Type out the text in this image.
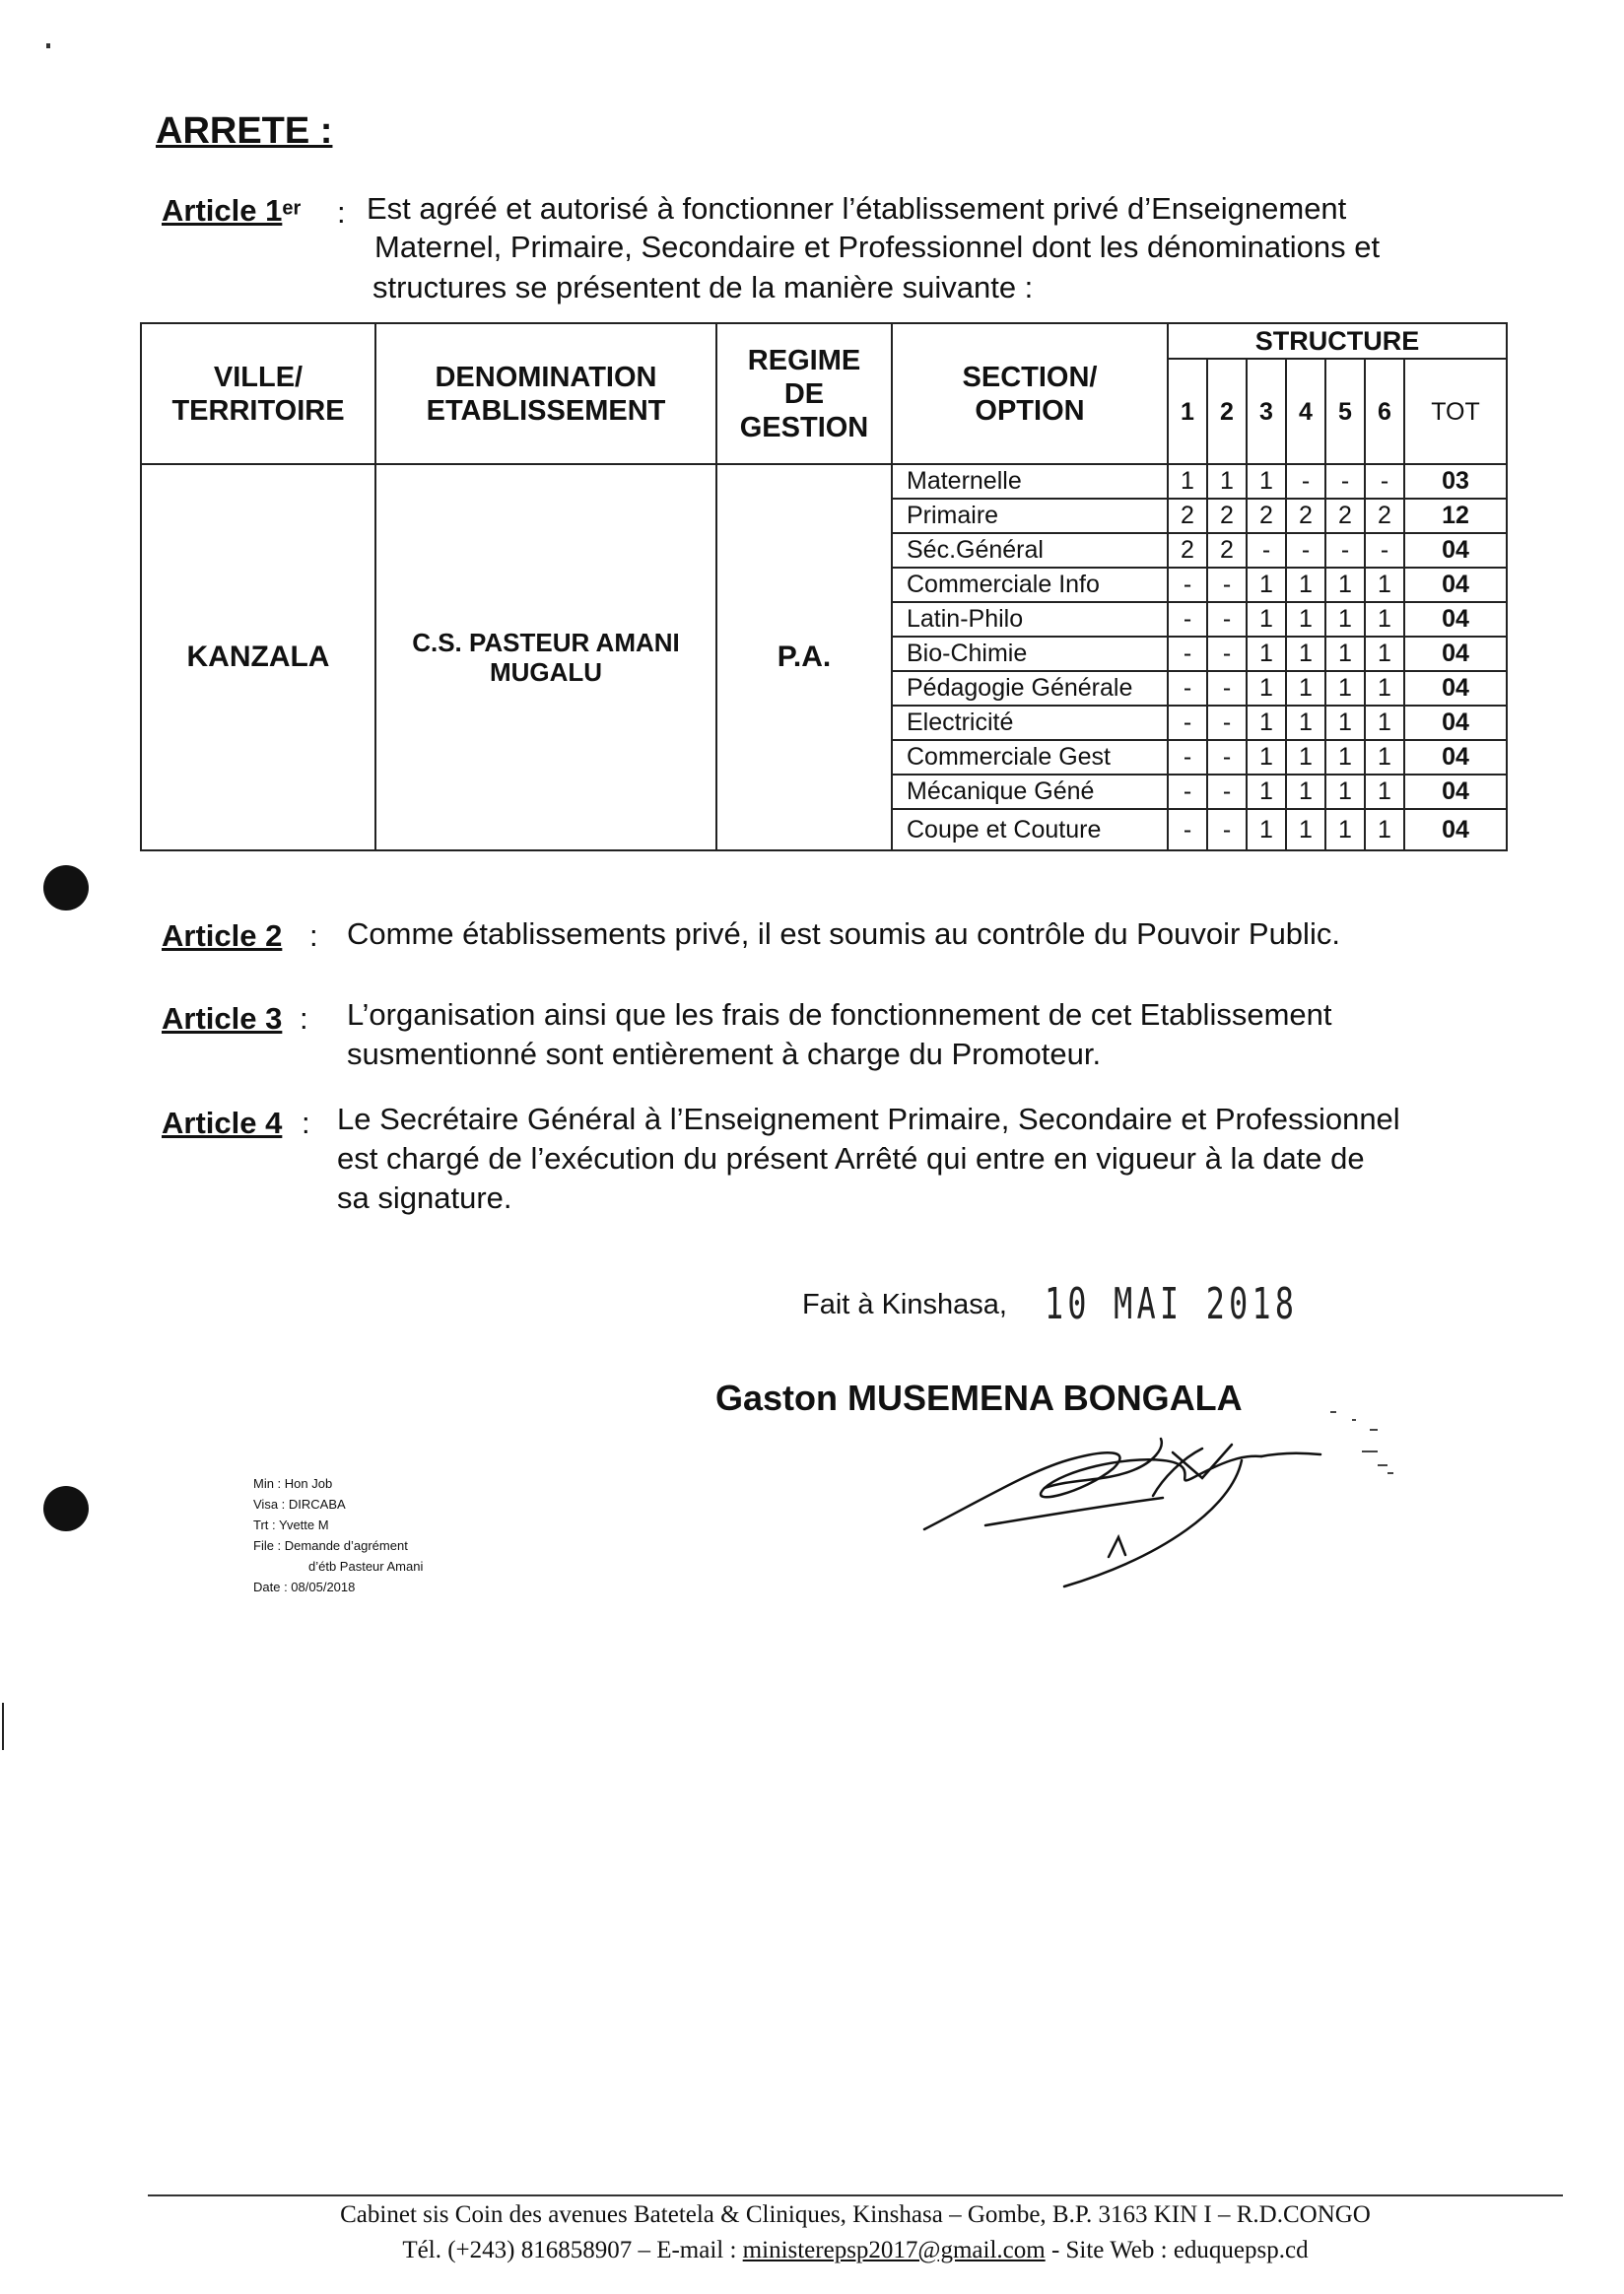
ARRETE :
Article 1er : Est agréé et autorisé à fonctionner l’établissement privé d’Enseignement
Maternel, Primaire, Secondaire et Professionnel dont les dénominations et
structures se présentent de la manière suivante :
VILLE/ TERRITOIRE	DENOMINATION ETABLISSEMENT	REGIME DE GESTION	SECTION/ OPTION	STRUCTURE						
				1	2	3	4	5	6	TOT
KANZALA	C.S. PASTEUR AMANI MUGALU	P.A.	Maternelle	1	1	1	-	-	-	03
			Primaire	2	2	2	2	2	2	12
			Séc.Général	2	2	-	-	-	-	04
			Commerciale Info	-	-	1	1	1	1	04
			Latin-Philo	-	-	1	1	1	1	04
			Bio-Chimie	-	-	1	1	1	1	04
			Pédagogie Générale	-	-	1	1	1	1	04
			Electricité	-	-	1	1	1	1	04
			Commerciale Gest	-	-	1	1	1	1	04
			Mécanique Géné	-	-	1	1	1	1	04
			Coupe et Couture	-	-	1	1	1	1	04
Article 2 : Comme établissements privé, il est soumis au contrôle du Pouvoir Public.
Article 3 : L’organisation ainsi que les frais de fonctionnement de cet Etablissement
susmentionné sont entièrement à charge du Promoteur.
Article 4 : Le Secrétaire Général à l’Enseignement Primaire, Secondaire et Professionnel
est chargé de l’exécution du présent Arrêté qui entre en vigueur à la date de
sa signature.
Fait à Kinshasa, 10 MAI 2018
Gaston MUSEMENA BONGALA
Min : Hon Job
Visa : DIRCABA
Trt : Yvette M
File : Demande d’agrément
d’étb Pasteur Amani
Date : 08/05/2018
Cabinet sis Coin des avenues Batetela & Cliniques, Kinshasa – Gombe, B.P. 3163 KIN I – R.D.CONGO
Tél. (+243) 816858907 – E-mail : ministerepsp2017@gmail.com - Site Web : eduquepsp.cd
